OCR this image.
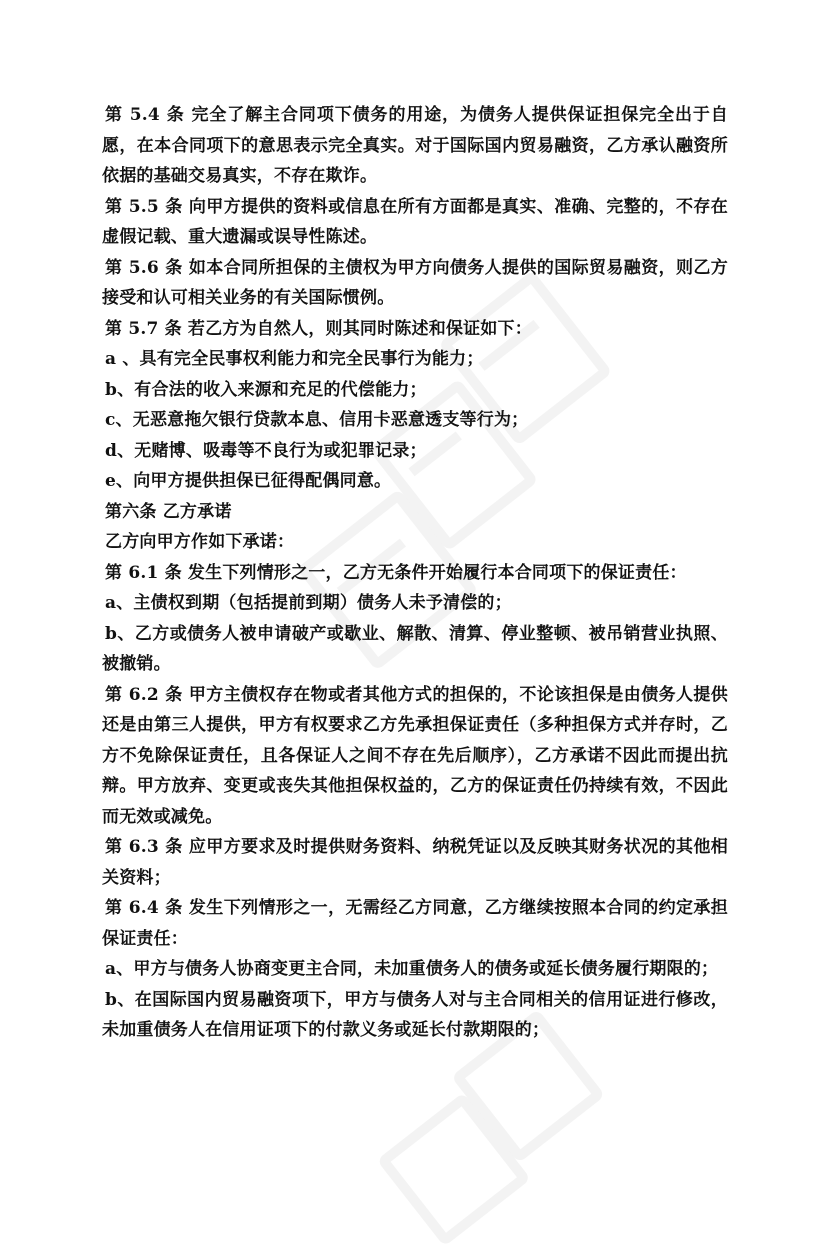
第 5.4 条 完全了解主合同项下债务的用途，为债务人提供保证担保完全出于自愿，在本合同项下的意思表示完全真实。对于国际国内贸易融资，乙方承认融资所依据的基础交易真实，不存在欺诈。

第 5.5 条 向甲方提供的资料或信息在所有方面都是真实、准确、完整的，不存在虚假记载、重大遗漏或误导性陈述。

第 5.6 条 如本合同所担保的主债权为甲方向债务人提供的国际贸易融资，则乙方接受和认可相关业务的有关国际惯例。

第 5.7 条 若乙方为自然人，则其同时陈述和保证如下：

a 、具有完全民事权利能力和完全民事行为能力；

b、有合法的收入来源和充足的代偿能力；

c、无恶意拖欠银行贷款本息、信用卡恶意透支等行为；

d、无赌博、吸毒等不良行为或犯罪记录；

e、向甲方提供担保已征得配偶同意。

第六条 乙方承诺

乙方向甲方作如下承诺：

第 6.1 条 发生下列情形之一，乙方无条件开始履行本合同项下的保证责任：

a、主债权到期（包括提前到期）债务人未予清偿的；

b、乙方或债务人被申请破产或歇业、解散、清算、停业整顿、被吊销营业执照、被撤销。

第 6.2 条 甲方主债权存在物或者其他方式的担保的，不论该担保是由债务人提供还是由第三人提供，甲方有权要求乙方先承担保证责任（多种担保方式并存时，乙方不免除保证责任，且各保证人之间不存在先后顺序），乙方承诺不因此而提出抗辩。甲方放弃、变更或丧失其他担保权益的，乙方的保证责任仍持续有效，不因此而无效或减免。

第 6.3 条 应甲方要求及时提供财务资料、纳税凭证以及反映其财务状况的其他相关资料；

第 6.4 条 发生下列情形之一，无需经乙方同意，乙方继续按照本合同的约定承担保证责任：

a、甲方与债务人协商变更主合同，未加重债务人的债务或延长债务履行期限的；

b、在国际国内贸易融资项下，甲方与债务人对与主合同相关的信用证进行修改，未加重债务人在信用证项下的付款义务或延长付款期限的；
